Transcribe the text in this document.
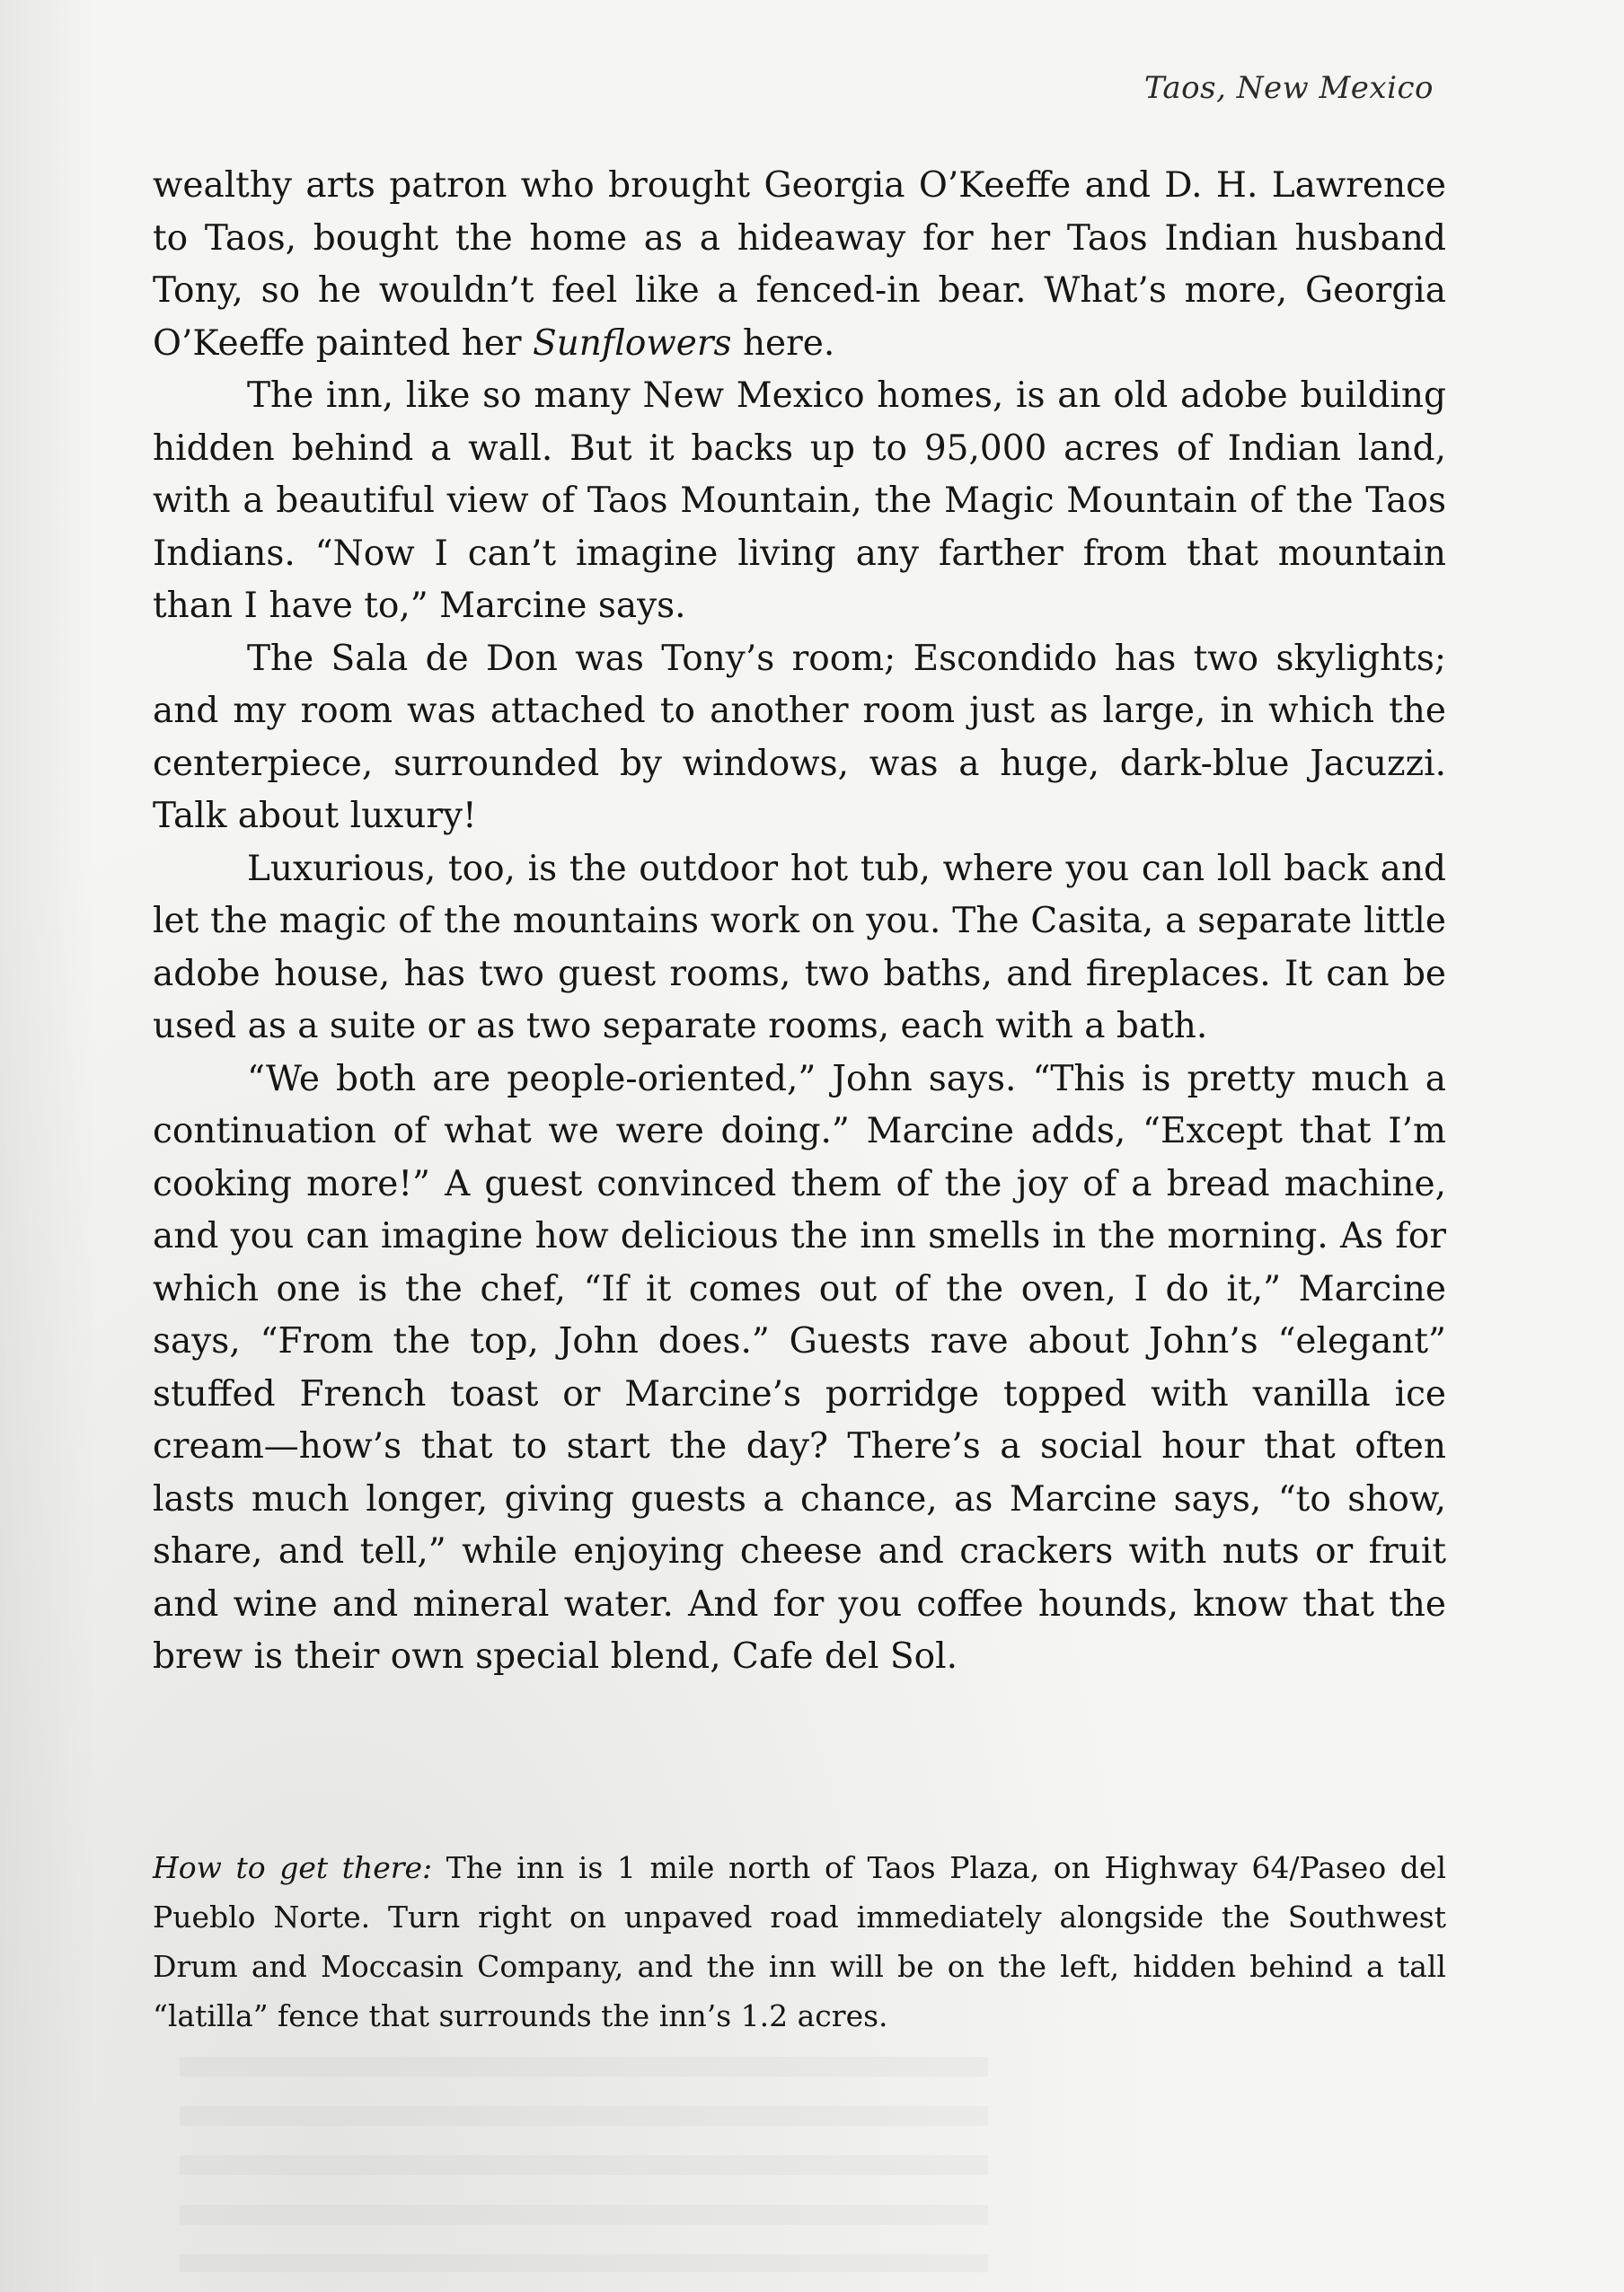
Taos, New Mexico

wealthy arts patron who brought Georgia O’Keeffe and D. H. Lawrence to Taos, bought the home as a hideaway for her Taos Indian husband Tony, so he wouldn’t feel like a fenced-in bear. What’s more, Georgia O’Keeffe painted her Sunflowers here.

The inn, like so many New Mexico homes, is an old adobe building hidden behind a wall. But it backs up to 95,000 acres of Indian land, with a beautiful view of Taos Mountain, the Magic Mountain of the Taos Indians. “Now I can’t imagine living any farther from that mountain than I have to,” Marcine says.

The Sala de Don was Tony’s room; Escondido has two skylights; and my room was attached to another room just as large, in which the centerpiece, surrounded by windows, was a huge, dark-blue Jacuzzi. Talk about luxury!

Luxurious, too, is the outdoor hot tub, where you can loll back and let the magic of the mountains work on you. The Casita, a separate little adobe house, has two guest rooms, two baths, and fireplaces. It can be used as a suite or as two separate rooms, each with a bath.

“We both are people-oriented,” John says. “This is pretty much a continuation of what we were doing.” Marcine adds, “Except that I’m cooking more!” A guest convinced them of the joy of a bread machine, and you can imagine how delicious the inn smells in the morning. As for which one is the chef, “If it comes out of the oven, I do it,” Marcine says, “From the top, John does.” Guests rave about John’s “elegant” stuffed French toast or Marcine’s porridge topped with vanilla ice cream—how’s that to start the day? There’s a social hour that often lasts much longer, giving guests a chance, as Marcine says, “to show, share, and tell,” while enjoying cheese and crackers with nuts or fruit and wine and mineral water. And for you coffee hounds, know that the brew is their own special blend, Cafe del Sol.

How to get there: The inn is 1 mile north of Taos Plaza, on Highway 64/Paseo del Pueblo Norte. Turn right on unpaved road immediately alongside the Southwest Drum and Moccasin Company, and the inn will be on the left, hidden behind a tall “latilla” fence that surrounds the inn’s 1.2 acres.
